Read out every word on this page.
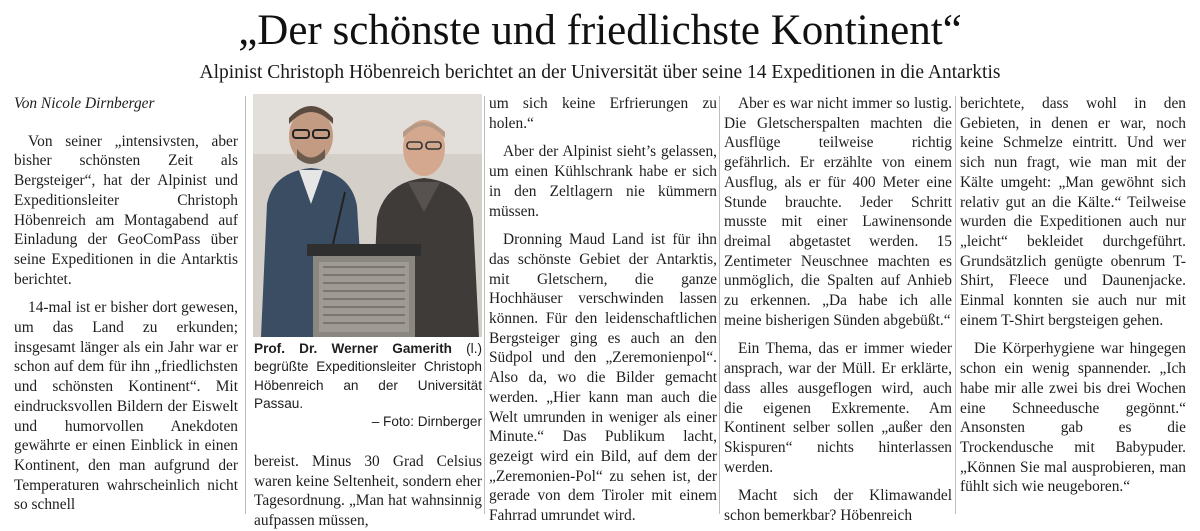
„Der schönste und friedlichste Kontinent“
Alpinist Christoph Höbenreich berichtet an der Universität über seine 14 Expeditionen in die Antarktis

Von Nicole Dirnberger

Von seiner „intensivsten, aber bisher schönsten Zeit als Bergsteiger“, hat der Alpinist und Expeditionsleiter Christoph Höbenreich am Montagabend auf Einladung der GeoComPass über seine Expeditionen in die Antarktis berichtet.

14-mal ist er bisher dort gewesen, um das Land zu erkunden; insgesamt länger als ein Jahr war er schon auf dem für ihn „friedlichsten und schönsten Kontinent“. Mit eindrucksvollen Bildern der Eiswelt und humorvollen Anekdoten gewährte er einen Einblick in einen Kontinent, den man aufgrund der Temperaturen wahrscheinlich nicht so schnell

Prof. Dr. Werner Gamerith (l.) begrüßte Expeditionsleiter Christoph Höbenreich an der Universität Passau.
– Foto: Dirnberger

bereist. Minus 30 Grad Celsius waren keine Seltenheit, sondern eher Tagesordnung. „Man hat wahnsinnig aufpassen müssen,

um sich keine Erfrierungen zu holen.“

Aber der Alpinist sieht’s gelassen, um einen Kühlschrank habe er sich in den Zeltlagern nie kümmern müssen.

Dronning Maud Land ist für ihn das schönste Gebiet der Antarktis, mit Gletschern, die ganze Hochhäuser verschwinden lassen können. Für den leidenschaftlichen Bergsteiger ging es auch an den Südpol und den „Zeremonienpol“. Also da, wo die Bilder gemacht werden. „Hier kann man auch die Welt umrunden in weniger als einer Minute.“ Das Publikum lacht, gezeigt wird ein Bild, auf dem der „Zeremonien-Pol“ zu sehen ist, der gerade von dem Tiroler mit einem Fahrrad umrundet wird.

Aber es war nicht immer so lustig. Die Gletscherspalten machten die Ausflüge teilweise richtig gefährlich. Er erzählte von einem Ausflug, als er für 400 Meter eine Stunde brauchte. Jeder Schritt musste mit einer Lawinensonde dreimal abgetastet werden. 15 Zentimeter Neuschnee machten es unmöglich, die Spalten auf Anhieb zu erkennen. „Da habe ich alle meine bisherigen Sünden abgebüßt.“

Ein Thema, das er immer wieder ansprach, war der Müll. Er erklärte, dass alles ausgeflogen wird, auch die eigenen Exkremente. Am Kontinent selber sollen „außer den Skispuren“ nichts hinterlassen werden.

Macht sich der Klimawandel schon bemerkbar? Höbenreich

berichtete, dass wohl in den Gebieten, in denen er war, noch keine Schmelze eintritt. Und wer sich nun fragt, wie man mit der Kälte umgeht: „Man gewöhnt sich relativ gut an die Kälte.“ Teilweise wurden die Expeditionen auch nur „leicht“ bekleidet durchgeführt. Grundsätzlich genügte obenrum T-Shirt, Fleece und Daunenjacke. Einmal konnten sie auch nur mit einem T-Shirt bergsteigen gehen.

Die Körperhygiene war hingegen schon ein wenig spannender. „Ich habe mir alle zwei bis drei Wochen eine Schneedusche gegönnt.“ Ansonsten gab es die Trockendusche mit Babypuder. „Können Sie mal ausprobieren, man fühlt sich wie neugeboren.“
